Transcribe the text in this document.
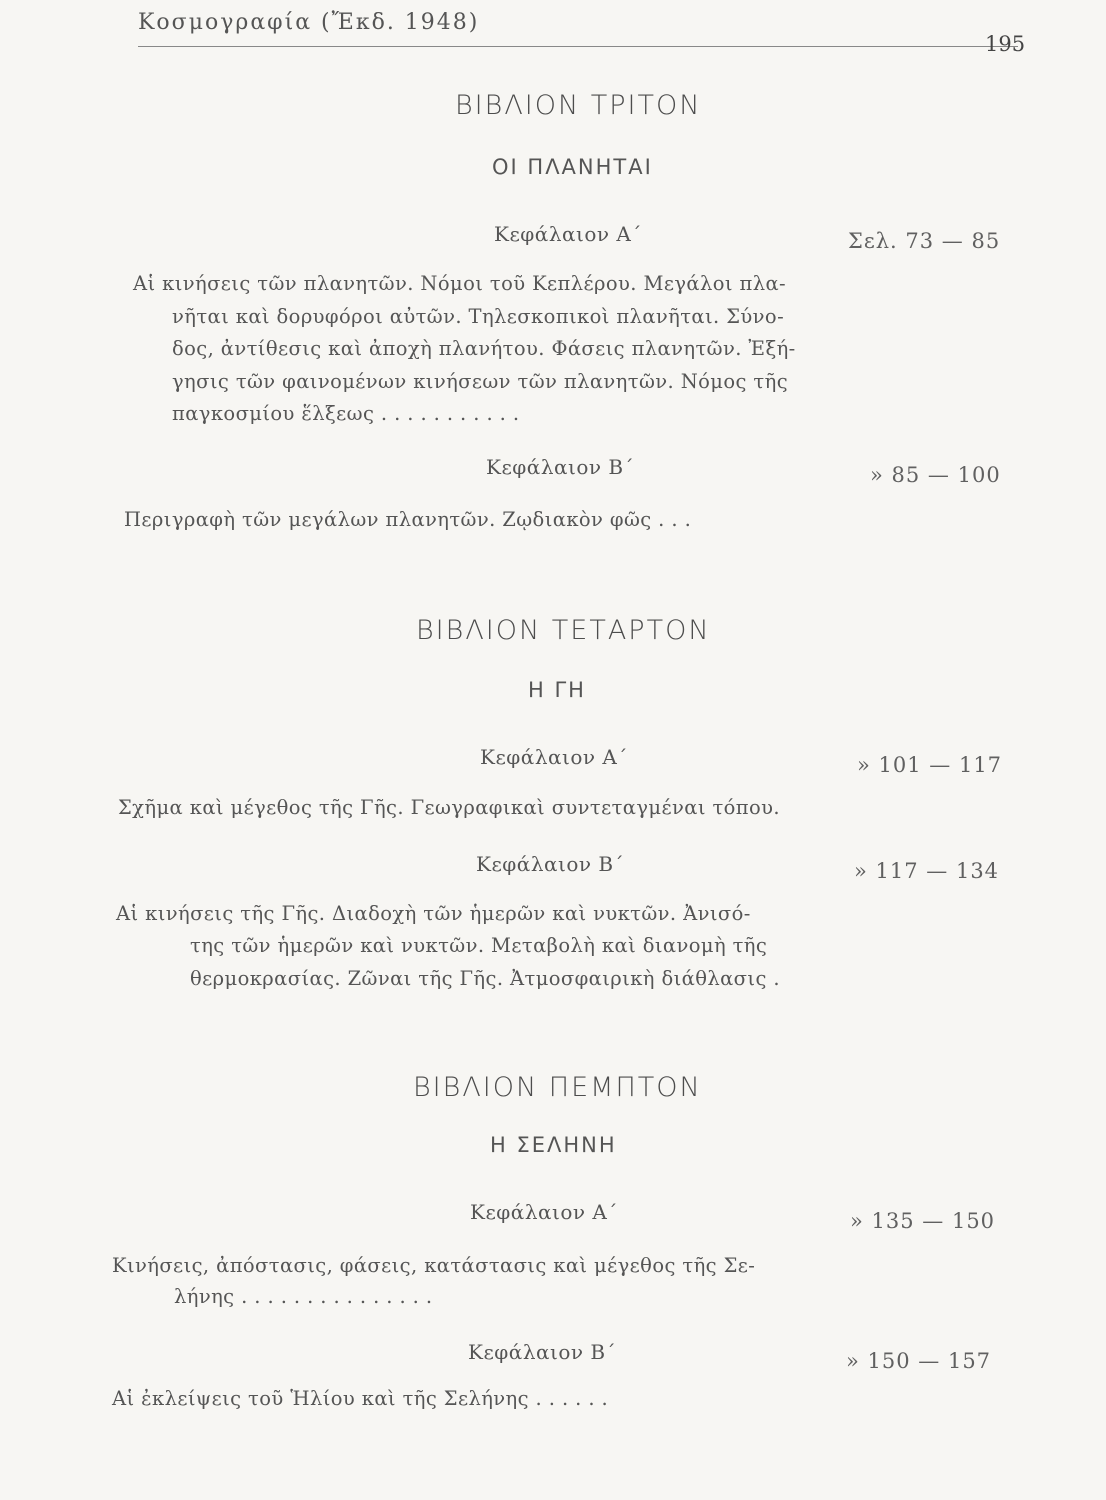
Κοσμογραφία (Ἔκδ. 1948)
195
ΒΙΒΛΙΟΝ ΤΡΙΤΟΝ
ΟΙ ΠΛΑΝΗΤΑΙ
Κεφάλαιον Α΄	Σελ. 73 — 85
Αἱ κινήσεις τῶν πλανητῶν. Νόμοι τοῦ Κεπλέρου. Μεγάλοι πλα-
νῆται καὶ δορυφόροι αὐτῶν. Τηλεσκοπικοὶ πλανῆται. Σύνο-
δος, ἀντίθεσις καὶ ἀποχὴ πλανήτου. Φάσεις πλανητῶν. Ἐξή-
γησις τῶν φαινομένων κινήσεων τῶν πλανητῶν. Νόμος τῆς
παγκοσμίου ἕλξεως . . . . . . . . . . .
Κεφάλαιον Β΄	» 85 — 100
Περιγραφὴ τῶν μεγάλων πλανητῶν. Ζῳδιακὸν φῶς . . .
ΒΙΒΛΙΟΝ ΤΕΤΑΡΤΟΝ
Η ΓΗ
Κεφάλαιον Α΄	» 101 — 117
Σχῆμα καὶ μέγεθος τῆς Γῆς. Γεωγραφικαὶ συντεταγμέναι τόπου.
Κεφάλαιον Β΄	» 117 — 134
Αἱ κινήσεις τῆς Γῆς. Διαδοχὴ τῶν ἡμερῶν καὶ νυκτῶν. Ἀνισό-
της τῶν ἡμερῶν καὶ νυκτῶν. Μεταβολὴ καὶ διανομὴ τῆς
θερμοκρασίας. Ζῶναι τῆς Γῆς. Ἀτμοσφαιρικὴ διάθλασις .
ΒΙΒΛΙΟΝ ΠΕΜΠΤΟΝ
Η ΣΕΛΗΝΗ
Κεφάλαιον Α΄	» 135 — 150
Κινήσεις, ἀπόστασις, φάσεις, κατάστασις καὶ μέγεθος τῆς Σε-
λήνης . . . . . . . . . . . . . . .
Κεφάλαιον Β΄	» 150 — 157
Αἱ ἐκλείψεις τοῦ Ἡλίου καὶ τῆς Σελήνης . . . . . .
